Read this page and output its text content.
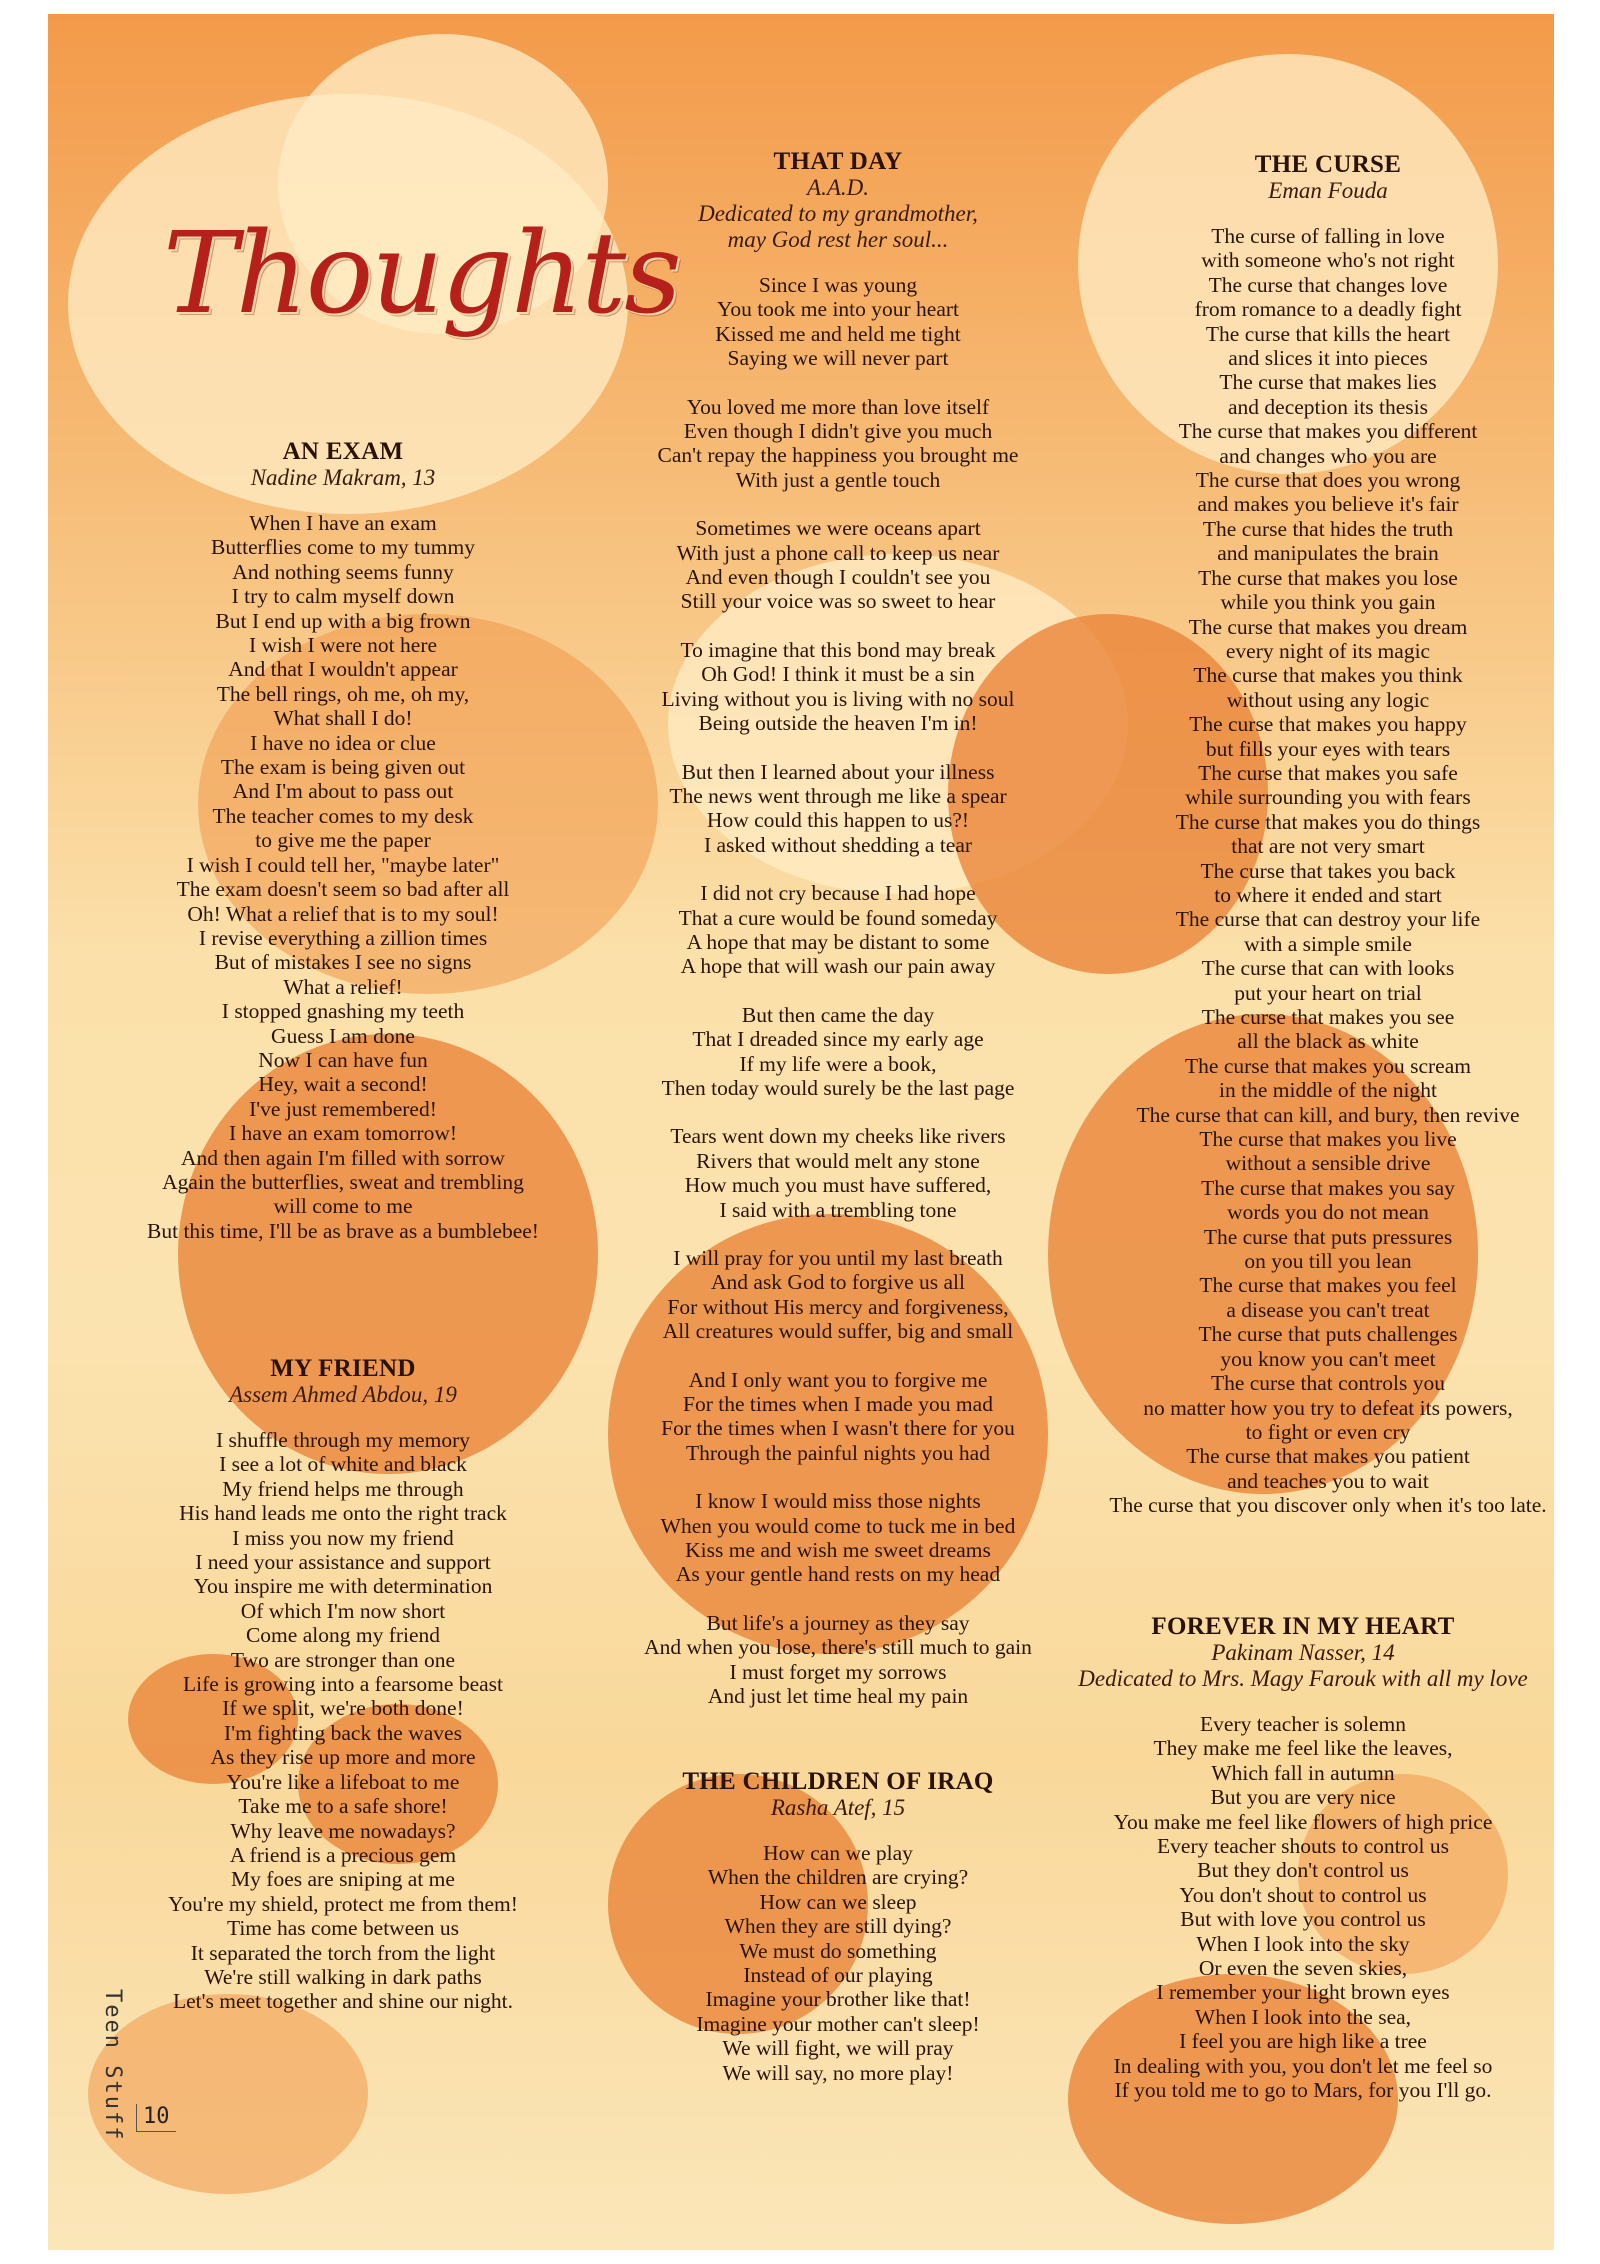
Thoughts
AN EXAM
Nadine Makram, 13
When I have an exam
Butterflies come to my tummy
And nothing seems funny
I try to calm myself down
But I end up with a big frown
I wish I were not here
And that I wouldn't appear
The bell rings, oh me, oh my,
What shall I do!
I have no idea or clue
The exam is being given out
And I'm about to pass out
The teacher comes to my desk
to give me the paper
I wish I could tell her, "maybe later"
The exam doesn't seem so bad after all
Oh! What a relief that is to my soul!
I revise everything a zillion times
But of mistakes I see no signs
What a relief!
I stopped gnashing my teeth
Guess I am done
Now I can have fun
Hey, wait a second!
I've just remembered!
I have an exam tomorrow!
And then again I'm filled with sorrow
Again the butterflies, sweat and trembling
will come to me
But this time, I'll be as brave as a bumblebee!
MY FRIEND
Assem Ahmed Abdou, 19
I shuffle through my memory
I see a lot of white and black
My friend helps me through
His hand leads me onto the right track
I miss you now my friend
I need your assistance and support
You inspire me with determination
Of which I'm now short
Come along my friend
Two are stronger than one
Life is growing into a fearsome beast
If we split, we're both done!
I'm fighting back the waves
As they rise up more and more
You're like a lifeboat to me
Take me to a safe shore!
Why leave me nowadays?
A friend is a precious gem
My foes are sniping at me
You're my shield, protect me from them!
Time has come between us
It separated the torch from the light
We're still walking in dark paths
Let's meet together and shine our night.
THAT DAY
A.A.D.
Dedicated to my grandmother,
may God rest her soul...
Since I was young
You took me into your heart
Kissed me and held me tight
Saying we will never part
You loved me more than love itself
Even though I didn't give you much
Can't repay the happiness you brought me
With just a gentle touch
Sometimes we were oceans apart
With just a phone call to keep us near
And even though I couldn't see you
Still your voice was so sweet to hear
To imagine that this bond may break
Oh God! I think it must be a sin
Living without you is living with no soul
Being outside the heaven I'm in!
But then I learned about your illness
The news went through me like a spear
How could this happen to us?!
I asked without shedding a tear
I did not cry because I had hope
That a cure would be found someday
A hope that may be distant to some
A hope that will wash our pain away
But then came the day
That I dreaded since my early age
If my life were a book,
Then today would surely be the last page
Tears went down my cheeks like rivers
Rivers that would melt any stone
How much you must have suffered,
I said with a trembling tone
I will pray for you until my last breath
And ask God to forgive us all
For without His mercy and forgiveness,
All creatures would suffer, big and small
And I only want you to forgive me
For the times when I made you mad
For the times when I wasn't there for you
Through the painful nights you had
I know I would miss those nights
When you would come to tuck me in bed
Kiss me and wish me sweet dreams
As your gentle hand rests on my head
But life's a journey as they say
And when you lose, there's still much to gain
I must forget my sorrows
And just let time heal my pain
THE CHILDREN OF IRAQ
Rasha Atef, 15
How can we play
When the children are crying?
How can we sleep
When they are still dying?
We must do something
Instead of our playing
Imagine your brother like that!
Imagine your mother can't sleep!
We will fight, we will pray
We will say, no more play!
THE CURSE
Eman Fouda
The curse of falling in love
with someone who's not right
The curse that changes love
from romance to a deadly fight
The curse that kills the heart
and slices it into pieces
The curse that makes lies
and deception its thesis
The curse that makes you different
and changes who you are
The curse that does you wrong
and makes you believe it's fair
The curse that hides the truth
and manipulates the brain
The curse that makes you lose
while you think you gain
The curse that makes you dream
every night of its magic
The curse that makes you think
without using any logic
The curse that makes you happy
but fills your eyes with tears
The curse that makes you safe
while surrounding you with fears
The curse that makes you do things
that are not very smart
The curse that takes you back
to where it ended and start
The curse that can destroy your life
with a simple smile
The curse that can with looks
put your heart on trial
The curse that makes you see
all the black as white
The curse that makes you scream
in the middle of the night
The curse that can kill, and bury, then revive
The curse that makes you live
without a sensible drive
The curse that makes you say
words you do not mean
The curse that puts pressures
on you till you lean
The curse that makes you feel
a disease you can't treat
The curse that puts challenges
you know you can't meet
The curse that controls you
no matter how you try to defeat its powers,
to fight or even cry
The curse that makes you patient
and teaches you to wait
The curse that you discover only when it's too late.
FOREVER IN MY HEART
Pakinam Nasser, 14
Dedicated to Mrs. Magy Farouk with all my love
Every teacher is solemn
They make me feel like the leaves,
Which fall in autumn
But you are very nice
You make me feel like flowers of high price
Every teacher shouts to control us
But they don't control us
You don't shout to control us
But with love you control us
When I look into the sky
Or even the seven skies,
I remember your light brown eyes
When I look into the sea,
I feel you are high like a tree
In dealing with you, you don't let me feel so
If you told me to go to Mars, for you I'll go.
Teen Stuff 10
